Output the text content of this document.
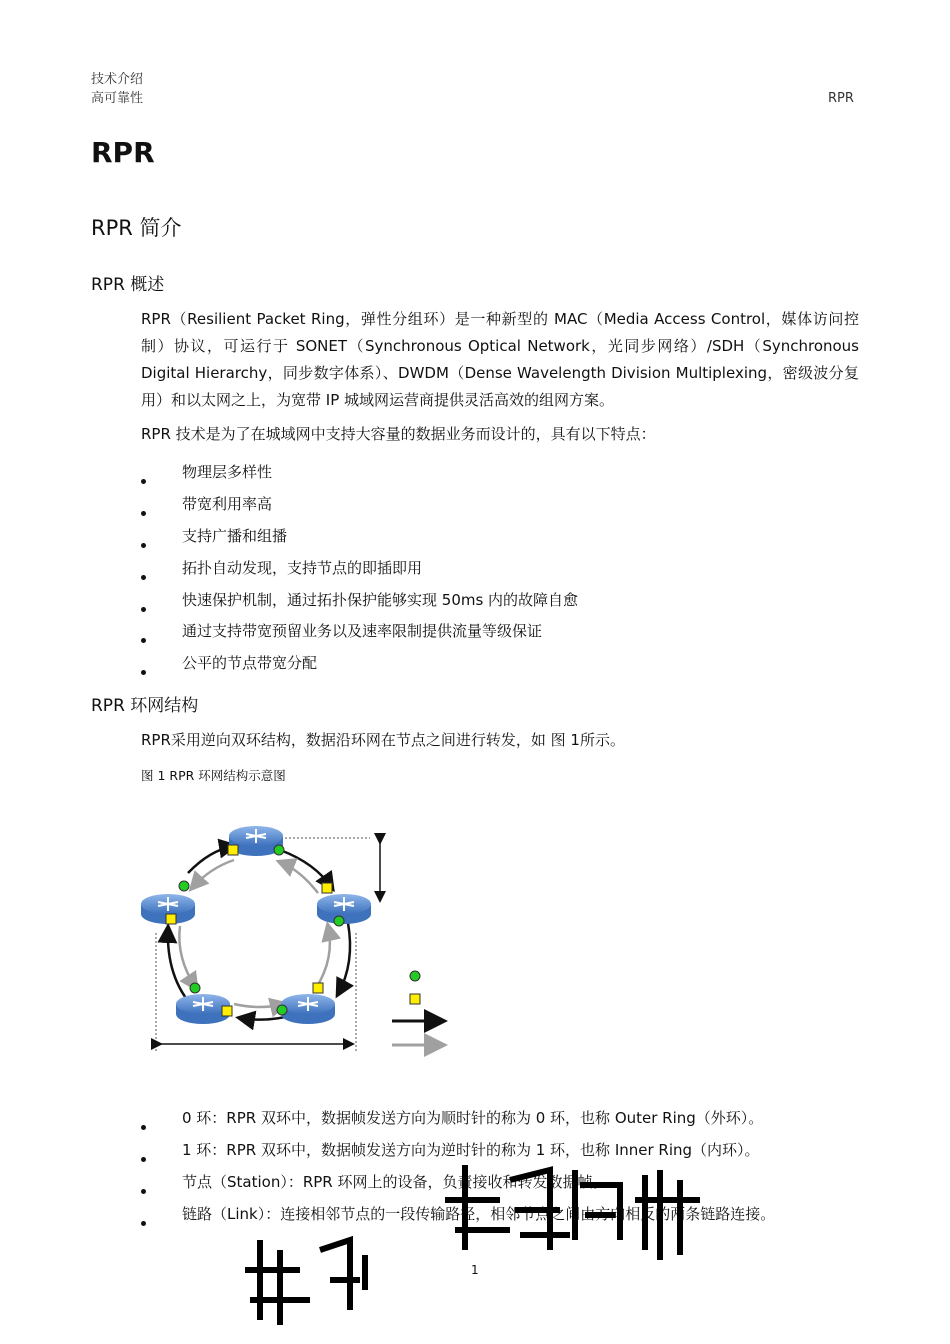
技术介绍
高可靠性	RPR
RPR
RPR 简介
RPR 概述
RPR（Resilient Packet Ring，弹性分组环）是一种新型的 MAC（Media Access Control，媒体访问控制）协议，可运行于 SONET（Synchronous Optical Network，光同步网络）/SDH（Synchronous Digital Hierarchy，同步数字体系）、DWDM（Dense Wavelength Division Multiplexing，密级波分复用）和以太网之上，为宽带 IP 城域网运营商提供灵活高效的组网方案。
RPR 技术是为了在城域网中支持大容量的数据业务而设计的，具有以下特点：
物理层多样性
带宽利用率高
支持广播和组播
拓扑自动发现，支持节点的即插即用
快速保护机制，通过拓扑保护能够实现 50ms 内的故障自愈
通过支持带宽预留业务以及速率限制提供流量等级保证
公平的节点带宽分配
RPR 环网结构
RPR采用逆向双环结构，数据沿环网在节点之间进行转发，如 图 1所示。
图 1 RPR 环网结构示意图
0 环：RPR 双环中，数据帧发送方向为顺时针的称为 0 环，也称 Outer Ring（外环）。
1 环：RPR 双环中，数据帧发送方向为逆时针的称为 1 环，也称 Inner Ring（内环）。
节点（Station）：RPR 环网上的设备，负责接收和转发数据帧。
链路（Link）：连接相邻节点的一段传输路径，相邻节点之间由方向相反的两条链路连接。
1
